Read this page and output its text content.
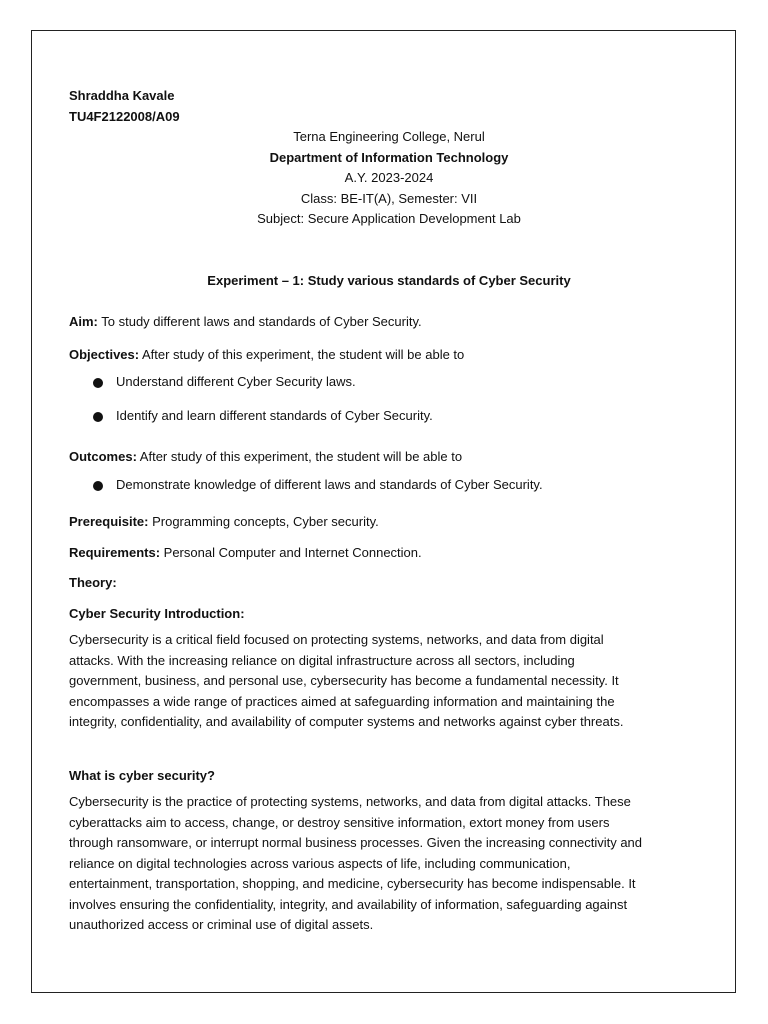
Shraddha Kavale

TU4F2122008/A09

Terna Engineering College, Nerul

Department of Information Technology

A.Y. 2023-2024

Class: BE-IT(A), Semester: VII

Subject: Secure Application Development Lab

Experiment – 1: Study various standards of Cyber Security

Aim: To study different laws and standards of Cyber Security.

Objectives: After study of this experiment, the student will be able to

Understand different Cyber Security laws.
Identify and learn different standards of Cyber Security.

Outcomes: After study of this experiment, the student will be able to

Demonstrate knowledge of different laws and standards of Cyber Security.

Prerequisite: Programming concepts, Cyber security.

Requirements: Personal Computer and Internet Connection.

Theory:

Cyber Security Introduction:

Cybersecurity is a critical field focused on protecting systems, networks, and data from digital

attacks. With the increasing reliance on digital infrastructure across all sectors, including

government, business, and personal use, cybersecurity has become a fundamental necessity. It

encompasses a wide range of practices aimed at safeguarding information and maintaining the

integrity, confidentiality, and availability of computer systems and networks against cyber threats.

What is cyber security?

Cybersecurity is the practice of protecting systems, networks, and data from digital attacks. These

cyberattacks aim to access, change, or destroy sensitive information, extort money from users

through ransomware, or interrupt normal business processes. Given the increasing connectivity and

reliance on digital technologies across various aspects of life, including communication,

entertainment, transportation, shopping, and medicine, cybersecurity has become indispensable. It

involves ensuring the confidentiality, integrity, and availability of information, safeguarding against

unauthorized access or criminal use of digital assets.
